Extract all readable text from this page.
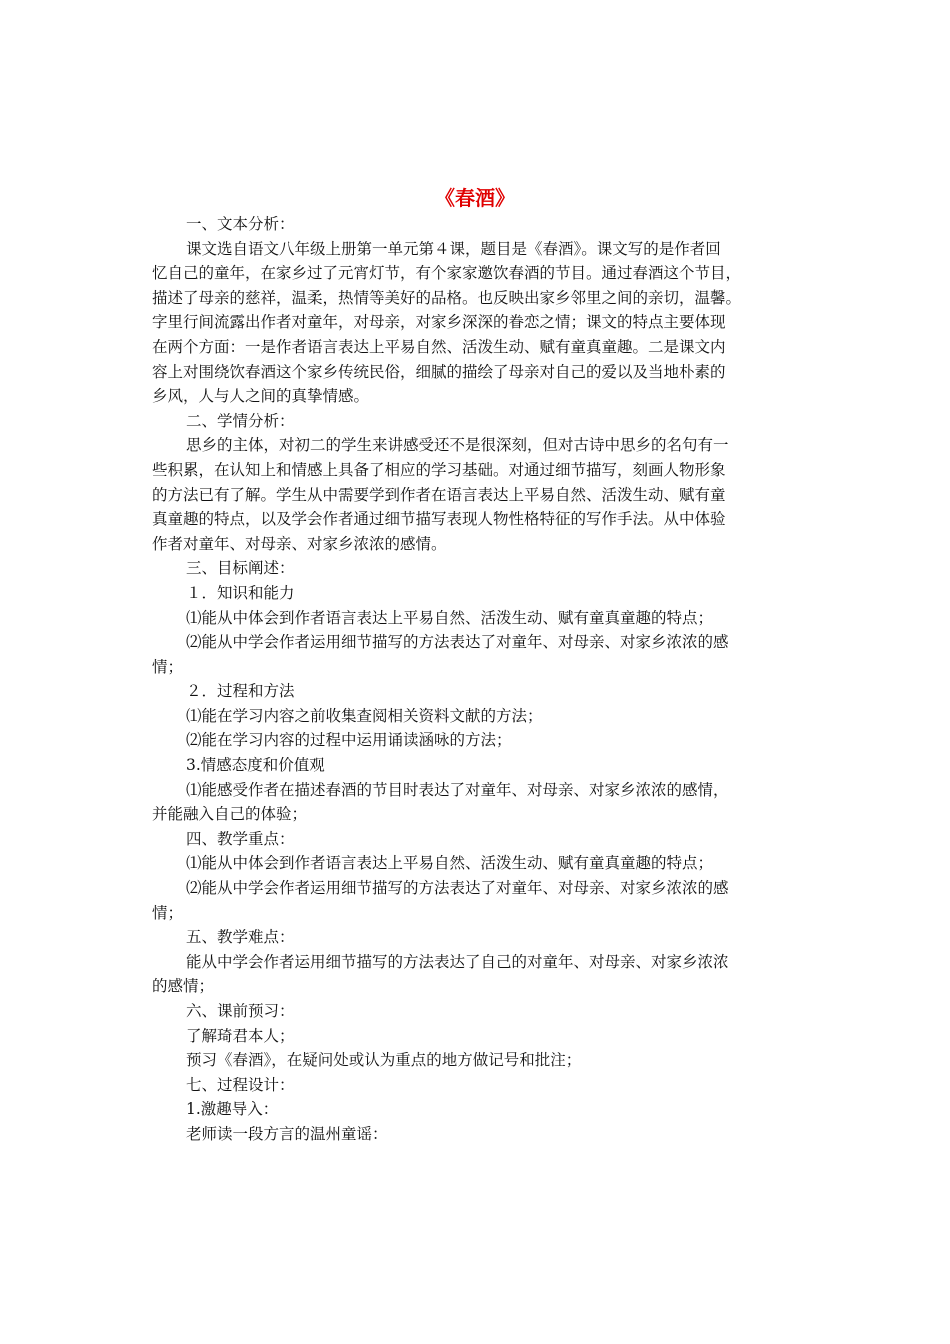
《春酒》
一、文本分析：
课文选自语文八年级上册第一单元第４课，题目是《春酒》。课文写的是作者回
忆自己的童年，在家乡过了元宵灯节，有个家家邀饮春酒的节目。通过春酒这个节目，
描述了母亲的慈祥，温柔，热情等美好的品格。也反映出家乡邻里之间的亲切，温馨。
字里行间流露出作者对童年，对母亲，对家乡深深的眷恋之情；课文的特点主要体现
在两个方面：一是作者语言表达上平易自然、活泼生动、赋有童真童趣。二是课文内
容上对围绕饮春酒这个家乡传统民俗，细腻的描绘了母亲对自己的爱以及当地朴素的
乡风，人与人之间的真挚情感。
二、学情分析：
思乡的主体，对初二的学生来讲感受还不是很深刻，但对古诗中思乡的名句有一
些积累，在认知上和情感上具备了相应的学习基础。对通过细节描写，刻画人物形象
的方法已有了解。学生从中需要学到作者在语言表达上平易自然、活泼生动、赋有童
真童趣的特点，以及学会作者通过细节描写表现人物性格特征的写作手法。从中体验
作者对童年、对母亲、对家乡浓浓的感情。
三、目标阐述：
１．知识和能力
⑴能从中体会到作者语言表达上平易自然、活泼生动、赋有童真童趣的特点；
⑵能从中学会作者运用细节描写的方法表达了对童年、对母亲、对家乡浓浓的感
情；
２．过程和方法
⑴能在学习内容之前收集查阅相关资料文献的方法；
⑵能在学习内容的过程中运用诵读涵咏的方法；
3.情感态度和价值观
⑴能感受作者在描述春酒的节目时表达了对童年、对母亲、对家乡浓浓的感情，
并能融入自己的体验；
四、教学重点：
⑴能从中体会到作者语言表达上平易自然、活泼生动、赋有童真童趣的特点；
⑵能从中学会作者运用细节描写的方法表达了对童年、对母亲、对家乡浓浓的感
情；
五、教学难点：
能从中学会作者运用细节描写的方法表达了自己的对童年、对母亲、对家乡浓浓
的感情；
六、课前预习：
了解琦君本人；
预习《春酒》，在疑问处或认为重点的地方做记号和批注；
七、过程设计：
1.激趣导入：
老师读一段方言的温州童谣：
